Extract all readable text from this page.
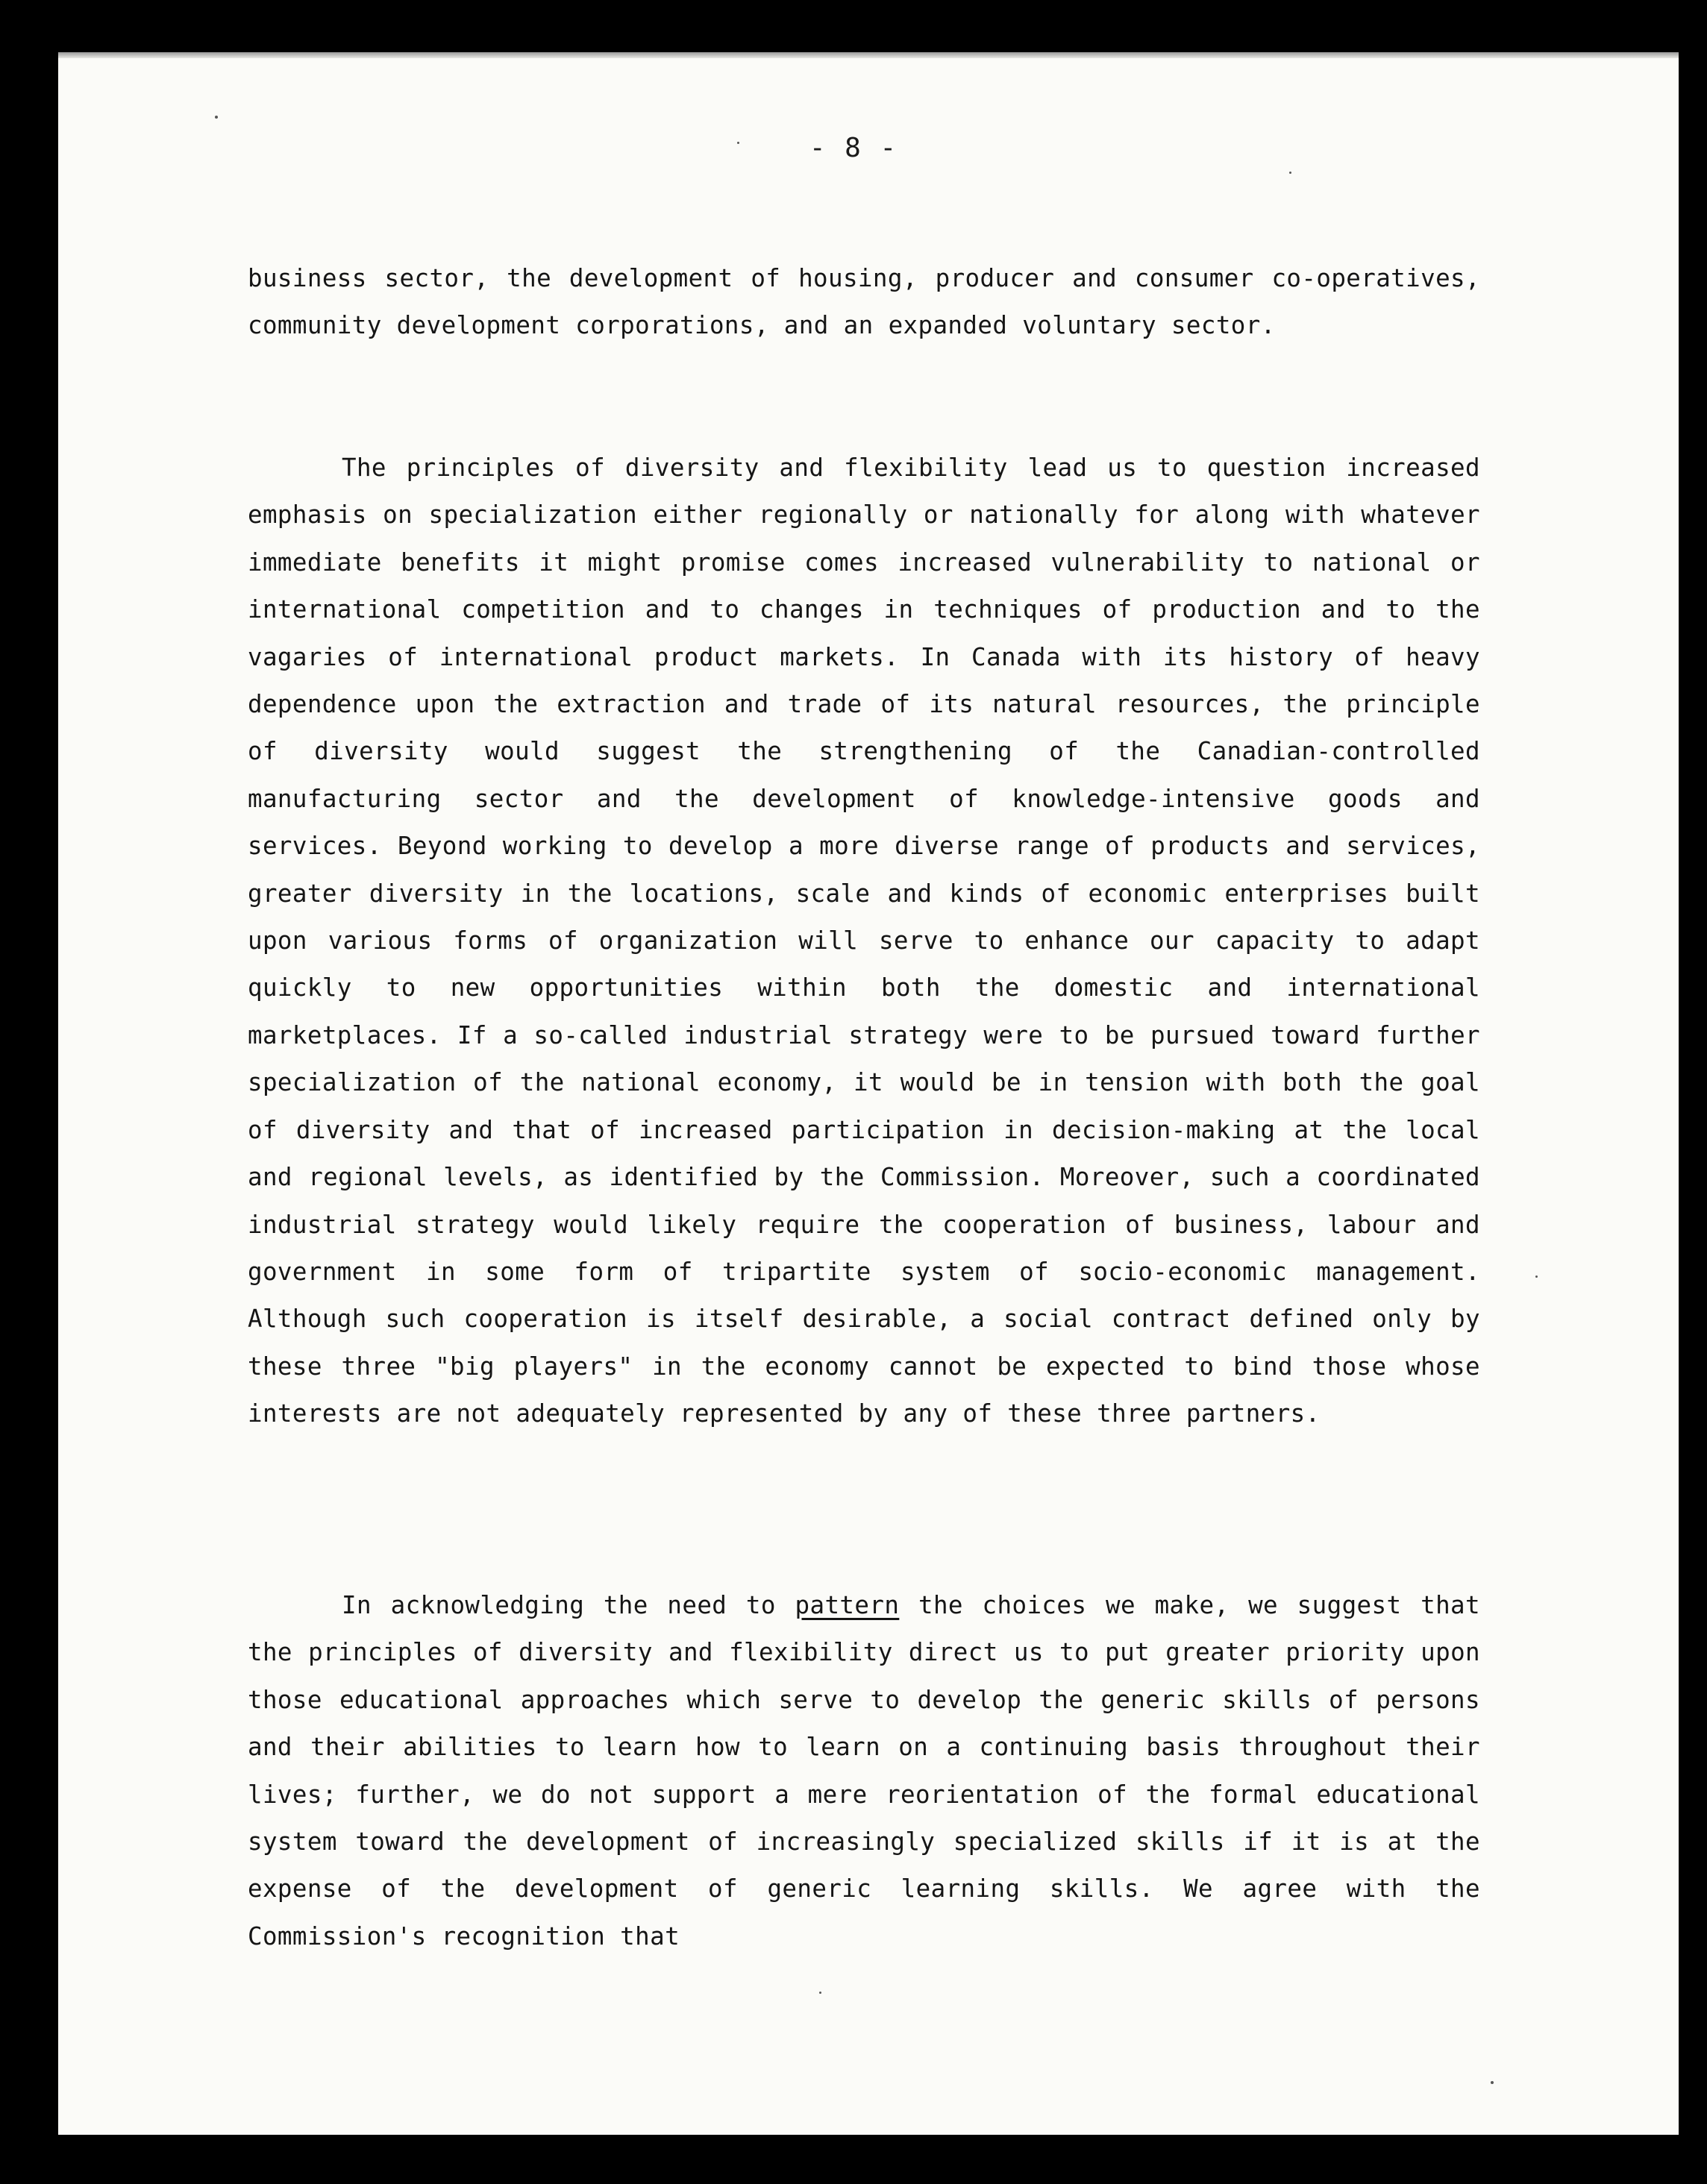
- 8 -

business sector, the development of housing, producer and consumer co-operatives, community development corporations, and an expanded voluntary sector.

The principles of diversity and flexibility lead us to question increased emphasis on specialization either regionally or nationally for along with whatever immediate benefits it might promise comes increased vulnerability to national or international competition and to changes in techniques of production and to the vagaries of international product markets. In Canada with its history of heavy dependence upon the extraction and trade of its natural resources, the principle of diversity would suggest the strengthening of the Canadian-controlled manufacturing sector and the development of knowledge-intensive goods and services. Beyond working to develop a more diverse range of products and services, greater diversity in the locations, scale and kinds of economic enterprises built upon various forms of organization will serve to enhance our capacity to adapt quickly to new opportunities within both the domestic and international marketplaces. If a so-called industrial strategy were to be pursued toward further specialization of the national economy, it would be in tension with both the goal of diversity and that of increased participation in decision-making at the local and regional levels, as identified by the Commission. Moreover, such a coordinated industrial strategy would likely require the cooperation of business, labour and government in some form of tripartite system of socio-economic management. Although such cooperation is itself desirable, a social contract defined only by these three "big players" in the economy cannot be expected to bind those whose interests are not adequately represented by any of these three partners.

In acknowledging the need to pattern the choices we make, we suggest that the principles of diversity and flexibility direct us to put greater priority upon those educational approaches which serve to develop the generic skills of persons and their abilities to learn how to learn on a continuing basis throughout their lives; further, we do not support a mere reorientation of the formal educational system toward the development of increasingly specialized skills if it is at the expense of the development of generic learning skills. We agree with the Commission's recognition that
